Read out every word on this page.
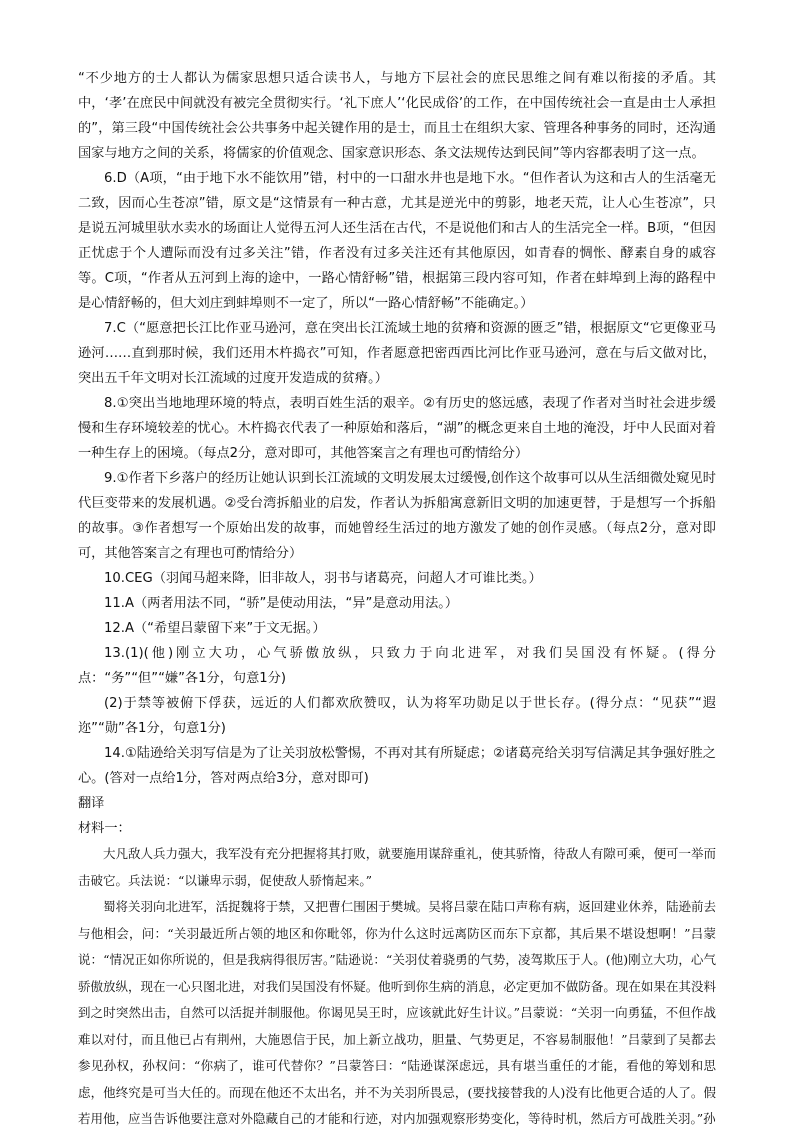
“不少地方的士人都认为儒家思想只适合读书人，与地方下层社会的庶民思维之间有难以衔接的矛盾。其中，‘孝’在庶民中间就没有被完全贯彻实行。‘礼下庶人’‘化民成俗’的工作，在中国传统社会一直是由士人承担的”，第三段“中国传统社会公共事务中起关键作用的是士，而且士在组织大家、管理各种事务的同时，还沟通国家与地方之间的关系，将儒家的价值观念、国家意识形态、条文法规传达到民间”等内容都表明了这一点。

6.D（A项，“由于地下水不能饮用”错，村中的一口甜水井也是地下水。“但作者认为这和古人的生活毫无二致，因而心生苍凉”错，原文是“这情景有一种古意，尤其是逆光中的剪影，地老天荒，让人心生苍凉”，只是说五河城里驮水卖水的场面让人觉得五河人还生活在古代，不是说他们和古人的生活完全一样。B项，“但因正忧虑于个人遭际而没有过多关注”错，作者没有过多关注还有其他原因，如青春的惆怅、酵素自身的戚容等。C项，“作者从五河到上海的途中，一路心情舒畅”错，根据第三段内容可知，作者在蚌埠到上海的路程中是心情舒畅的，但大刘庄到蚌埠则不一定了，所以“一路心情舒畅”不能确定。）

7.C（“愿意把长江比作亚马逊河，意在突出长江流域土地的贫瘠和资源的匮乏”错，根据原文“它更像亚马逊河……直到那时候，我们还用木杵捣衣”可知，作者愿意把密西西比河比作亚马逊河，意在与后文做对比，突出五千年文明对长江流域的过度开发造成的贫瘠。）

8.①突出当地地理环境的特点，表明百姓生活的艰辛。②有历史的悠远感，表现了作者对当时社会进步缓慢和生存环境较差的忧心。木杵捣衣代表了一种原始和落后，“湖”的概念更来自土地的淹没，圩中人民面对着一种生存上的困境。（每点2分，意对即可，其他答案言之有理也可酌情给分）

9.①作者下乡落户的经历让她认识到长江流域的文明发展太过缓慢,创作这个故事可以从生活细微处窥见时代巨变带来的发展机遇。②受台湾拆船业的启发，作者认为拆船寓意新旧文明的加速更替，于是想写一个拆船的故事。③作者想写一个原始出发的故事，而她曾经生活过的地方激发了她的创作灵感。（每点2分，意对即可，其他答案言之有理也可酌情给分）

10.CEG（羽闻马超来降，旧非故人，羽书与诸葛亮，问超人才可谁比类。）

11.A（两者用法不同，“骄”是使动用法，“异”是意动用法。）

12.A（“希望吕蒙留下来”于文无据。）

13.(1)(他)刚立大功，心气骄傲放纵，只致力于向北进军，对我们吴国没有怀疑。(得分点：“务”“但”“嫌”各1分，句意1分)

(2)于禁等被俯下俘获，远近的人们都欢欣赞叹，认为将军功勋足以于世长存。(得分点：“见获”“遐迩”“勋”各1分，句意1分)

14.①陆逊给关羽写信是为了让关羽放松警惕，不再对其有所疑虑；②诸葛亮给关羽写信满足其争强好胜之心。(答对一点给1分，答对两点给3分，意对即可)

翻译

材料一：

大凡敌人兵力强大，我军没有充分把握将其打败，就要施用谋辞重礼，使其骄惰，待敌人有隙可乘，便可一举而击破它。兵法说：“以谦卑示弱，促使敌人骄惰起来。”

蜀将关羽向北进军，活捉魏将于禁，又把曹仁围困于樊城。吴将吕蒙在陆口声称有病，返回建业休养，陆逊前去与他相会，问：“关羽最近所占领的地区和你毗邻，你为什么这时远离防区而东下京都，其后果不堪设想啊！”吕蒙说：“情况正如你所说的，但是我病得很厉害。”陆逊说：“关羽仗着骁勇的气势，凌驾欺压于人。(他)刚立大功，心气骄傲放纵，现在一心只图北进，对我们吴国没有怀疑。他听到你生病的消息，必定更加不做防备。现在如果在其没料到之时突然出击，自然可以活捉并制服他。你谒见吴王时，应该就此好生计议。”吕蒙说：“关羽一向勇猛，不但作战难以对付，而且他已占有荆州，大施恩信于民，加上新立战功，胆量、气势更足，不容易制服他！”吕蒙到了吴都去参见孙权，孙权问：“你病了，谁可代替你？”吕蒙答曰：“陆逊谋深虑远，具有堪当重任的才能，看他的筹划和思虑，他终究是可当大任的。而现在他还不太出名，并不为关羽所畏忌，(要找接替我的人)没有比他更合适的人了。假若用他，应当告诉他要注意对外隐藏自己的才能和行迹，对内加强观察形势变化，等待时机，然后方可战胜关羽。”孙
